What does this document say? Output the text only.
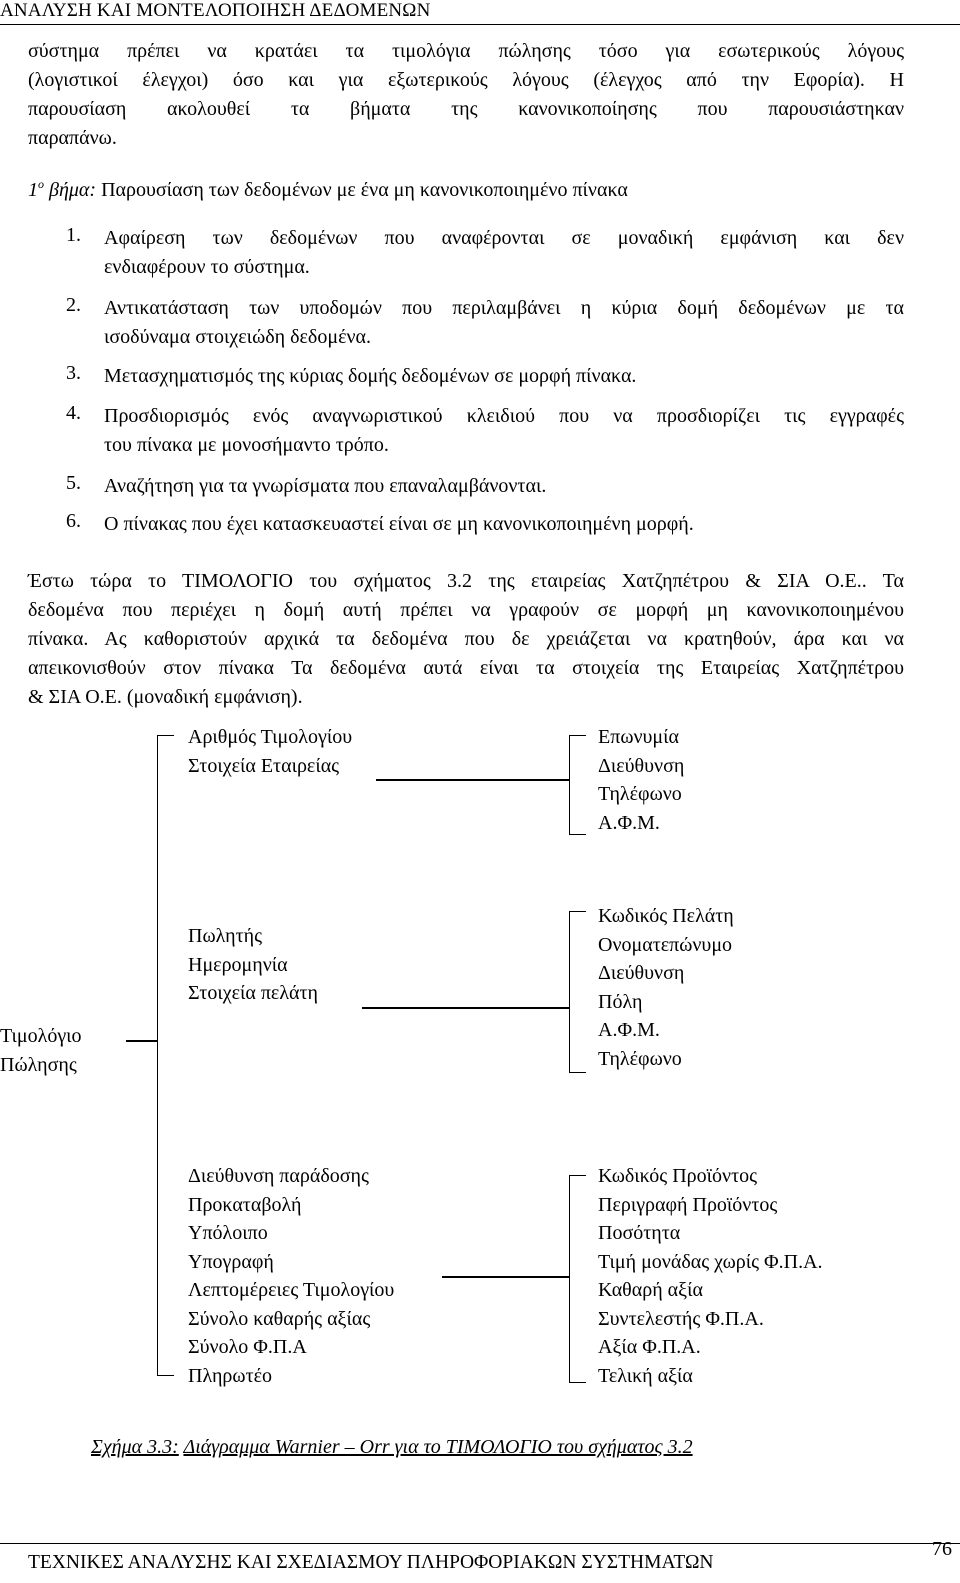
ΑΝΑΛΥΣΗ ΚΑΙ ΜΟΝΤΕΛΟΠΟΙΗΣΗ ΔΕΔΟΜΕΝΩΝ
σύστημα πρέπει να κρατάει τα τιμολόγια πώλησης τόσο για εσωτερικούς λόγους
(λογιστικοί έλεγχοι) όσο και για εξωτερικούς λόγους (έλεγχος από την Εφορία). Η
παρουσίαση ακολουθεί τα βήματα της κανονικοποίησης που παρουσιάστηκαν
παραπάνω.
$1^o$ βήμα: Παρουσίαση των δεδομένων με ένα μη κανονικοποιημένο πίνακα
1.	Αφαίρεση των δεδομένων που αναφέρονται σε μοναδική εμφάνιση και δεν
ενδιαφέρουν το σύστημα.
2.	Αντικατάσταση των υποδομών που περιλαμβάνει η κύρια δομή δεδομένων με τα
ισοδύναμα στοιχειώδη δεδομένα.
3.	Μετασχηματισμός της κύριας δομής δεδομένων σε μορφή πίνακα.
4.	Προσδιορισμός ενός αναγνωριστικού κλειδιού που να προσδιορίζει τις εγγραφές
του πίνακα με μονοσήμαντο τρόπο.
5.	Αναζήτηση για τα γνωρίσματα που επαναλαμβάνονται.
6.	Ο πίνακας που έχει κατασκευαστεί είναι σε μη κανονικοποιημένη μορφή.
Έστω τώρα το ΤΙΜΟΛΟΓΙΟ του σχήματος 3.2 της εταιρείας Χατζηπέτρου & ΣΙΑ Ο.Ε.. Τα
δεδομένα που περιέχει η δομή αυτή πρέπει να γραφούν σε μορφή μη κανονικοποιημένου
πίνακα. Ας καθοριστούν αρχικά τα δεδομένα που δε χρειάζεται να κρατηθούν, άρα και να
απεικονισθούν στον πίνακα Τα δεδομένα αυτά είναι τα στοιχεία της Εταιρείας Χατζηπέτρου
& ΣΙΑ Ο.Ε. (μοναδική εμφάνιση).
Τιμολόγιο
Πώλησης
Αριθμός Τιμολογίου
Στοιχεία Εταιρείας
Επωνυμία
Διεύθυνση
Τηλέφωνο
Α.Φ.Μ.
Πωλητής
Ημερομηνία
Στοιχεία πελάτη
Κωδικός Πελάτη
Ονοματεπώνυμο
Διεύθυνση
Πόλη
Α.Φ.Μ.
Τηλέφωνο
Διεύθυνση παράδοσης
Προκαταβολή
Υπόλοιπο
Υπογραφή
Λεπτομέρειες Τιμολογίου
Σύνολο καθαρής αξίας
Σύνολο Φ.Π.Α
Πληρωτέο
Κωδικός Προϊόντος
Περιγραφή Προϊόντος
Ποσότητα
Τιμή μονάδας χωρίς Φ.Π.Α.
Καθαρή αξία
Συντελεστής Φ.Π.Α.
Αξία Φ.Π.Α.
Τελική αξία
Σχήμα 3.3: Διάγραμμα Warnier – Orr για το ΤΙΜΟΛΟΓΙΟ του σχήματος 3.2
ΤΕΧΝΙΚΕΣ ΑΝΑΛΥΣΗΣ ΚΑΙ ΣΧΕΔΙΑΣΜΟΥ ΠΛΗΡΟΦΟΡΙΑΚΩΝ ΣΥΣΤΗΜΑΤΩΝ
76
